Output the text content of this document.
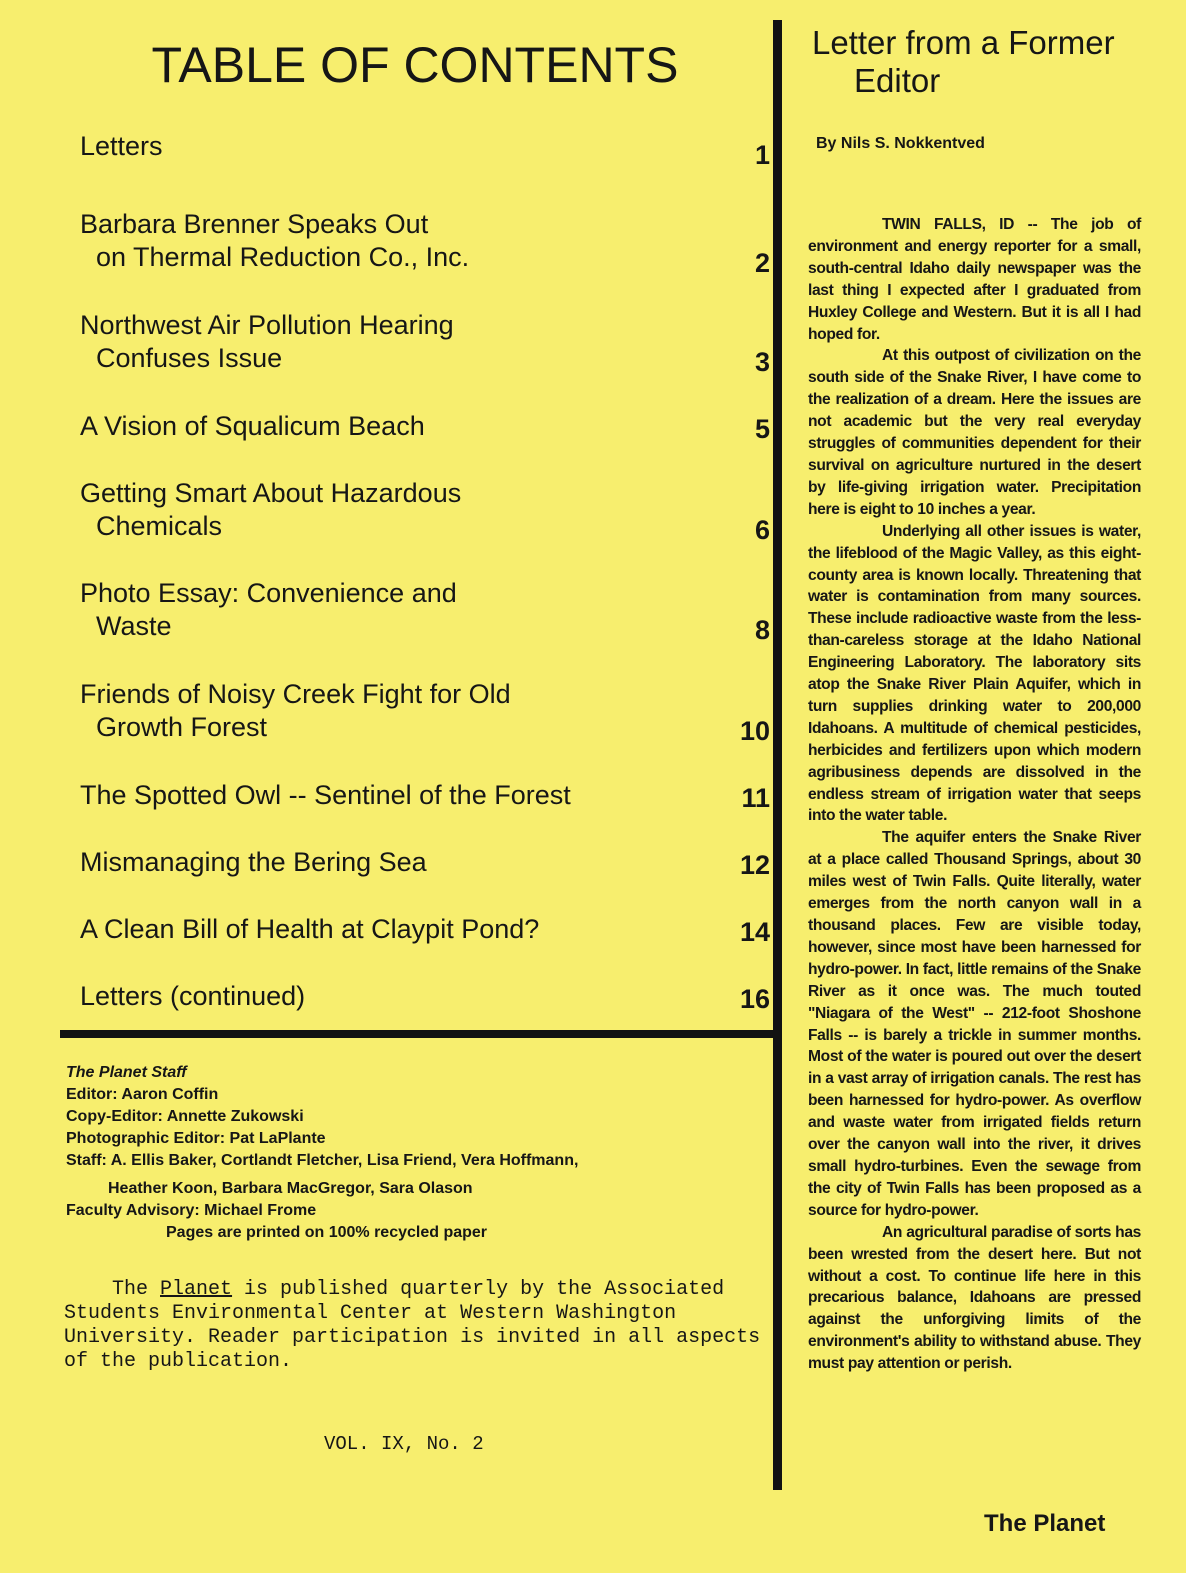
TABLE OF CONTENTS
Letters	1
Barbara Brenner Speaks Out
on Thermal Reduction Co., Inc.	2
Northwest Air Pollution Hearing
Confuses Issue	3
A Vision of Squalicum Beach	5
Getting Smart About Hazardous
Chemicals	6
Photo Essay: Convenience and
Waste	8
Friends of Noisy Creek Fight for Old
Growth Forest	10
The Spotted Owl -- Sentinel of the Forest	11
Mismanaging the Bering Sea	12
A Clean Bill of Health at Claypit Pond?	14
Letters (continued)	16
The Planet Staff
Editor: Aaron Coffin
Copy-Editor: Annette Zukowski
Photographic Editor: Pat LaPlante
Staff: A. Ellis Baker, Cortlandt Fletcher, Lisa Friend, Vera Hoffmann,
Heather Koon, Barbara MacGregor, Sara Olason
Faculty Advisory: Michael Frome
Pages are printed on 100% recycled paper
The Planet is published quarterly by the Associated Students Environmental Center at Western Washington University. Reader participation is invited in all aspects of the publication.
VOL. IX, No. 2
Letter from a Former
Editor
By Nils S. Nokkentved

TWIN FALLS, ID -- The job of environment and energy reporter for a small, south-central Idaho daily newspaper was the last thing I expected after I graduated from Huxley College and Western. But it is all I had hoped for.

At this outpost of civilization on the south side of the Snake River, I have come to the realization of a dream. Here the issues are not academic but the very real everyday struggles of communities dependent for their survival on agriculture nurtured in the desert by life-giving irrigation water. Precipitation here is eight to 10 inches a year.

Underlying all other issues is water, the lifeblood of the Magic Valley, as this eight-county area is known locally. Threatening that water is contamination from many sources. These include radioactive waste from the less-than-careless storage at the Idaho National Engineering Laboratory. The laboratory sits atop the Snake River Plain Aquifer, which in turn supplies drinking water to 200,000 Idahoans. A multitude of chemical pesticides, herbicides and fertilizers upon which modern agribusiness depends are dissolved in the endless stream of irrigation water that seeps into the water table.

The aquifer enters the Snake River at a place called Thousand Springs, about 30 miles west of Twin Falls. Quite literally, water emerges from the north canyon wall in a thousand places. Few are visible today, however, since most have been harnessed for hydro-power. In fact, little remains of the Snake River as it once was. The much touted "Niagara of the West" -- 212-foot Shoshone Falls -- is barely a trickle in summer months. Most of the water is poured out over the desert in a vast array of irrigation canals. The rest has been harnessed for hydro-power. As overflow and waste water from irrigated fields return over the canyon wall into the river, it drives small hydro-turbines. Even the sewage from the city of Twin Falls has been proposed as a source for hydro-power.

An agricultural paradise of sorts has been wrested from the desert here. But not without a cost. To continue life here in this precarious balance, Idahoans are pressed against the unforgiving limits of the environment's ability to withstand abuse. They must pay attention or perish.

The Planet
